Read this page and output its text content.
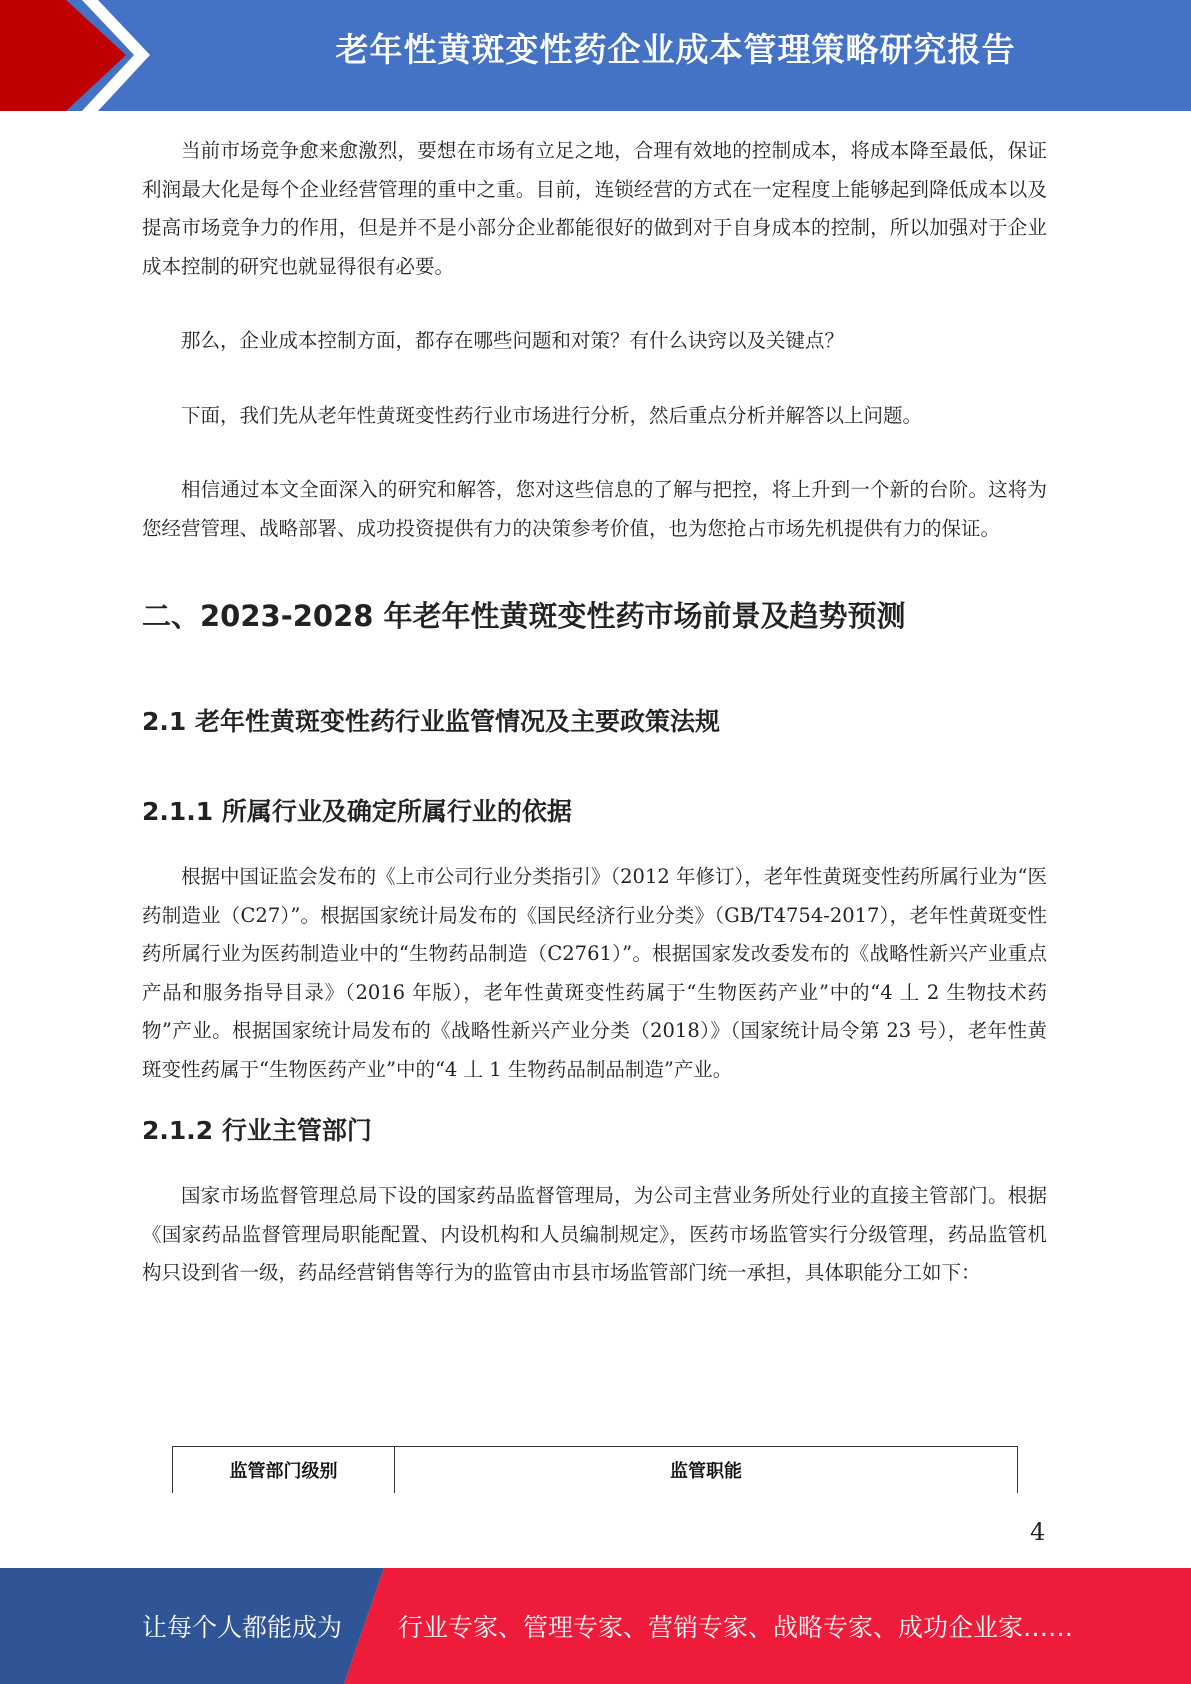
老年性黄斑变性药企业成本管理策略研究报告

当前市场竞争愈来愈激烈，要想在市场有立足之地，合理有效地的控制成本，将成本降至最低，保证利润最大化是每个企业经营管理的重中之重。目前，连锁经营的方式在一定程度上能够起到降低成本以及提高市场竞争力的作用，但是并不是小部分企业都能很好的做到对于自身成本的控制，所以加强对于企业成本控制的研究也就显得很有必要。

那么，企业成本控制方面，都存在哪些问题和对策？有什么诀窍以及关键点？

下面，我们先从老年性黄斑变性药行业市场进行分析，然后重点分析并解答以上问题。

相信通过本文全面深入的研究和解答，您对这些信息的了解与把控，将上升到一个新的台阶。这将为您经营管理、战略部署、成功投资提供有力的决策参考价值，也为您抢占市场先机提供有力的保证。

二、2023-2028 年老年性黄斑变性药市场前景及趋势预测
2.1 老年性黄斑变性药行业监管情况及主要政策法规
2.1.1 所属行业及确定所属行业的依据

根据中国证监会发布的《上市公司行业分类指引》（2012 年修订），老年性黄斑变性药所属行业为“医药制造业（C27）”。根据国家统计局发布的《国民经济行业分类》（GB/T4754-2017），老年性黄斑变性药所属行业为医药制造业中的“生物药品制造（C2761）”。根据国家发改委发布的《战略性新兴产业重点产品和服务指导目录》（2016 年版），老年性黄斑变性药属于“生物医药产业”中的“4 丄 2 生物技术药物”产业。根据国家统计局发布的《战略性新兴产业分类（2018）》（国家统计局令第 23 号），老年性黄斑变性药属于“生物医药产业”中的“4 丄 1 生物药品制品制造”产业。

2.1.2 行业主管部门

国家市场监督管理总局下设的国家药品监督管理局，为公司主营业务所处行业的直接主管部门。根据《国家药品监督管理局职能配置、内设机构和人员编制规定》，医药市场监管实行分级管理，药品监管机构只设到省一级，药品经营销售等行为的监管由市县市场监管部门统一承担，具体职能分工如下：

监管部门级别	监管职能
4
让每个人都能成为 行业专家、管理专家、营销专家、战略专家、成功企业家……
